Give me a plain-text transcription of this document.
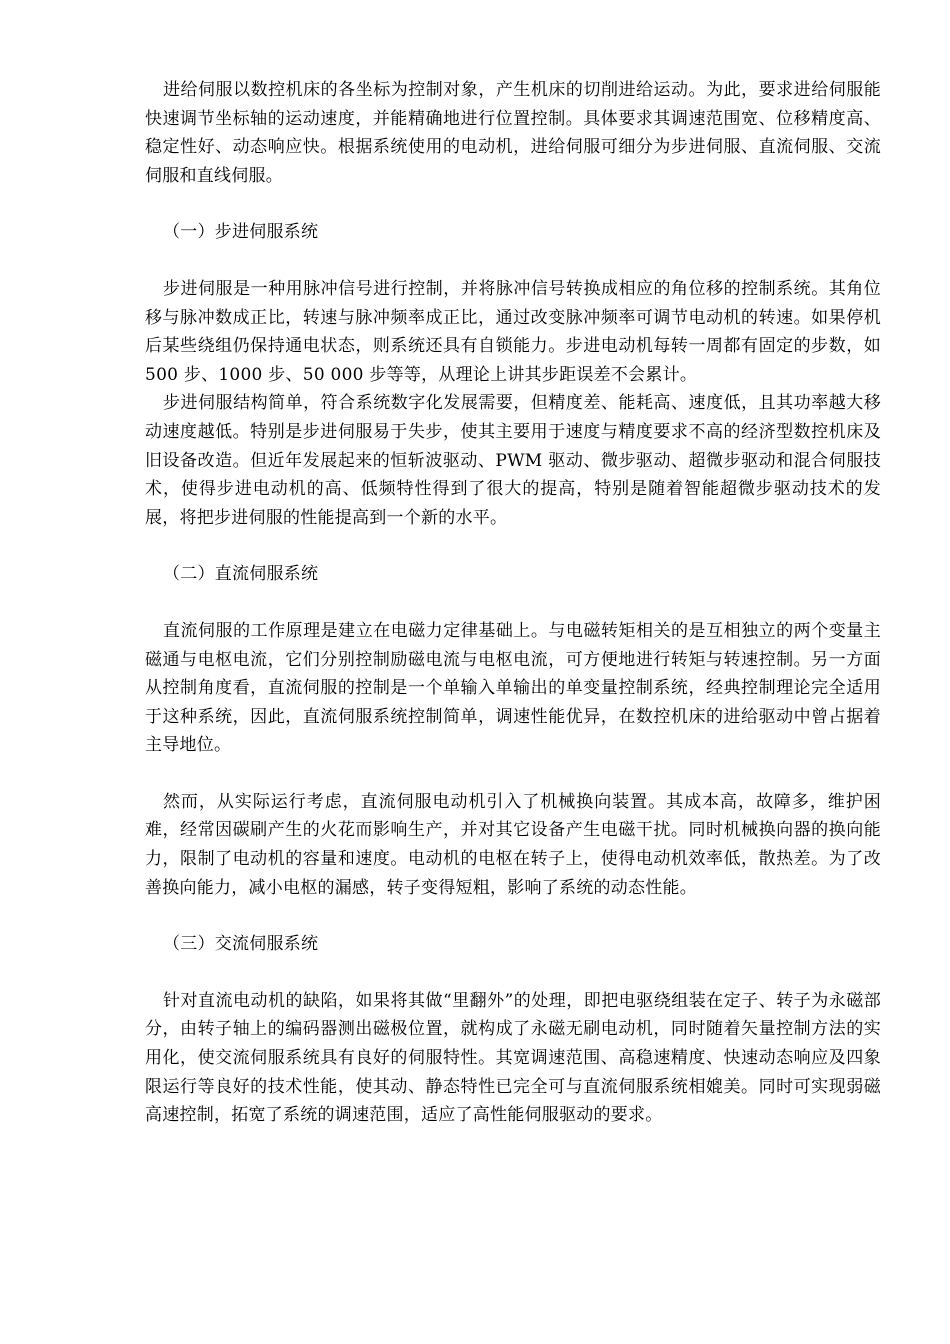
进给伺服以数控机床的各坐标为控制对象，产生机床的切削进给运动。为此，要求进给伺服能快速调节坐标轴的运动速度，并能精确地进行位置控制。具体要求其调速范围宽、位移精度高、稳定性好、动态响应快。根据系统使用的电动机，进给伺服可细分为步进伺服、直流伺服、交流伺服和直线伺服。

（一）步进伺服系统

步进伺服是一种用脉冲信号进行控制，并将脉冲信号转换成相应的角位移的控制系统。其角位移与脉冲数成正比，转速与脉冲频率成正比，通过改变脉冲频率可调节电动机的转速。如果停机后某些绕组仍保持通电状态，则系统还具有自锁能力。步进电动机每转一周都有固定的步数，如 500 步、1000 步、50 000 步等等，从理论上讲其步距误差不会累计。

步进伺服结构简单，符合系统数字化发展需要，但精度差、能耗高、速度低，且其功率越大移动速度越低。特别是步进伺服易于失步，使其主要用于速度与精度要求不高的经济型数控机床及旧设备改造。但近年发展起来的恒斩波驱动、PWM 驱动、微步驱动、超微步驱动和混合伺服技术，使得步进电动机的高、低频特性得到了很大的提高，特别是随着智能超微步驱动技术的发展，将把步进伺服的性能提高到一个新的水平。

（二）直流伺服系统

直流伺服的工作原理是建立在电磁力定律基础上。与电磁转矩相关的是互相独立的两个变量主磁通与电枢电流，它们分别控制励磁电流与电枢电流，可方便地进行转矩与转速控制。另一方面从控制角度看，直流伺服的控制是一个单输入单输出的单变量控制系统，经典控制理论完全适用于这种系统，因此，直流伺服系统控制简单，调速性能优异，在数控机床的进给驱动中曾占据着主导地位。

然而，从实际运行考虑，直流伺服电动机引入了机械换向装置。其成本高，故障多，维护困难，经常因碳刷产生的火花而影响生产，并对其它设备产生电磁干扰。同时机械换向器的换向能力，限制了电动机的容量和速度。电动机的电枢在转子上，使得电动机效率低，散热差。为了改善换向能力，减小电枢的漏感，转子变得短粗，影响了系统的动态性能。

（三）交流伺服系统

针对直流电动机的缺陷，如果将其做“里翻外”的处理，即把电驱绕组装在定子、转子为永磁部分，由转子轴上的编码器测出磁极位置，就构成了永磁无刷电动机，同时随着矢量控制方法的实用化，使交流伺服系统具有良好的伺服特性。其宽调速范围、高稳速精度、快速动态响应及四象限运行等良好的技术性能，使其动、静态特性已完全可与直流伺服系统相媲美。同时可实现弱磁高速控制，拓宽了系统的调速范围，适应了高性能伺服驱动的要求。
